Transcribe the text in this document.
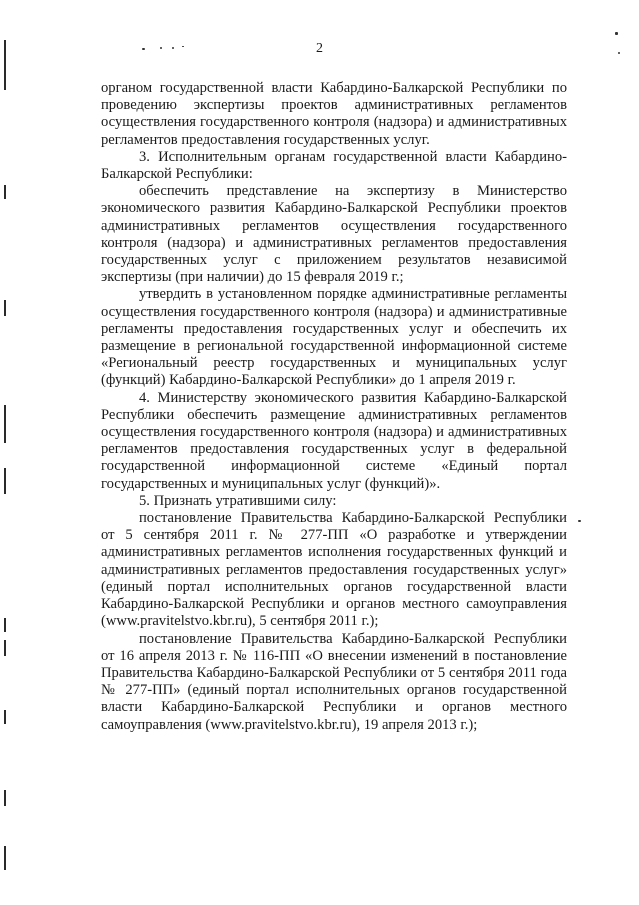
2

органом государственной власти Кабардино-Балкарской Республики по проведению экспертизы проектов административных регламентов осуществления государственного контроля (надзора) и административных регламентов предоставления государственных услуг.

3. Исполнительным органам государственной власти Кабардино-Балкарской Республики:

обеспечить представление на экспертизу в Министерство экономического развития Кабардино-Балкарской Республики проектов административных регламентов осуществления государственного контроля (надзора) и административных регламентов предоставления государственных услуг с приложением результатов независимой экспертизы (при наличии) до 15 февраля 2019 г.;

утвердить в установленном порядке административные регламенты осуществления государственного контроля (надзора) и административные регламенты предоставления государственных услуг и обеспечить их размещение в региональной государственной информационной системе «Региональный реестр государственных и муниципальных услуг (функций) Кабардино-Балкарской Республики» до 1 апреля 2019 г.

4. Министерству экономического развития Кабардино-Балкарской Республики обеспечить размещение административных регламентов осуществления государственного контроля (надзора) и административных регламентов предоставления государственных услуг в федеральной государственной информационной системе «Единый портал государственных и муниципальных услуг (функций)».

5. Признать утратившими силу:

постановление Правительства Кабардино-Балкарской Республики от 5 сентября 2011 г. № 277-ПП «О разработке и утверждении административных регламентов исполнения государственных функций и административных регламентов предоставления государственных услуг» (единый портал исполнительных органов государственной власти Кабардино-Балкарской Республики и органов местного самоуправления (www.pravitelstvo.kbr.ru), 5 сентября 2011 г.);

постановление Правительства Кабардино-Балкарской Республики от 16 апреля 2013 г. № 116-ПП «О внесении изменений в постановление Правительства Кабардино-Балкарской Республики от 5 сентября 2011 года № 277-ПП» (единый портал исполнительных органов государственной власти Кабардино-Балкарской Республики и органов местного самоуправления (www.pravitelstvo.kbr.ru), 19 апреля 2013 г.);
